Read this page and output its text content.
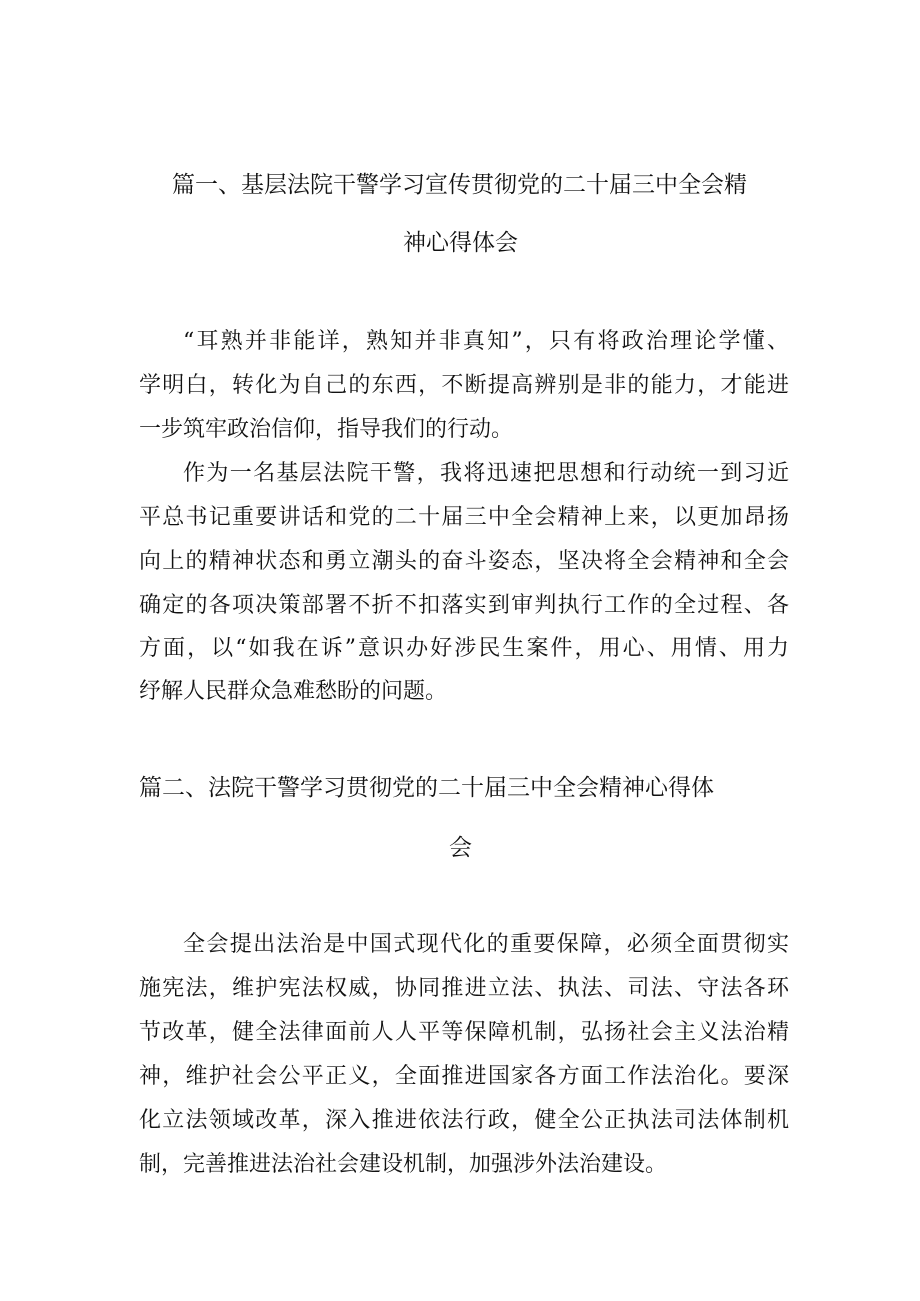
篇一、基层法院干警学习宣传贯彻党的二十届三中全会精
神心得体会
“耳熟并非能详，熟知并非真知”，只有将政治理论学懂、
学明白，转化为自己的东西，不断提高辨别是非的能力，才能进
一步筑牢政治信仰，指导我们的行动。
作为一名基层法院干警，我将迅速把思想和行动统一到习近
平总书记重要讲话和党的二十届三中全会精神上来，以更加昂扬
向上的精神状态和勇立潮头的奋斗姿态，坚决将全会精神和全会
确定的各项决策部署不折不扣落实到审判执行工作的全过程、各
方面，以“如我在诉”意识办好涉民生案件，用心、用情、用力
纾解人民群众急难愁盼的问题。
篇二、法院干警学习贯彻党的二十届三中全会精神心得体
会
全会提出法治是中国式现代化的重要保障，必须全面贯彻实
施宪法，维护宪法权威，协同推进立法、执法、司法、守法各环
节改革，健全法律面前人人平等保障机制，弘扬社会主义法治精
神，维护社会公平正义，全面推进国家各方面工作法治化。要深
化立法领域改革，深入推进依法行政，健全公正执法司法体制机
制，完善推进法治社会建设机制，加强涉外法治建设。
